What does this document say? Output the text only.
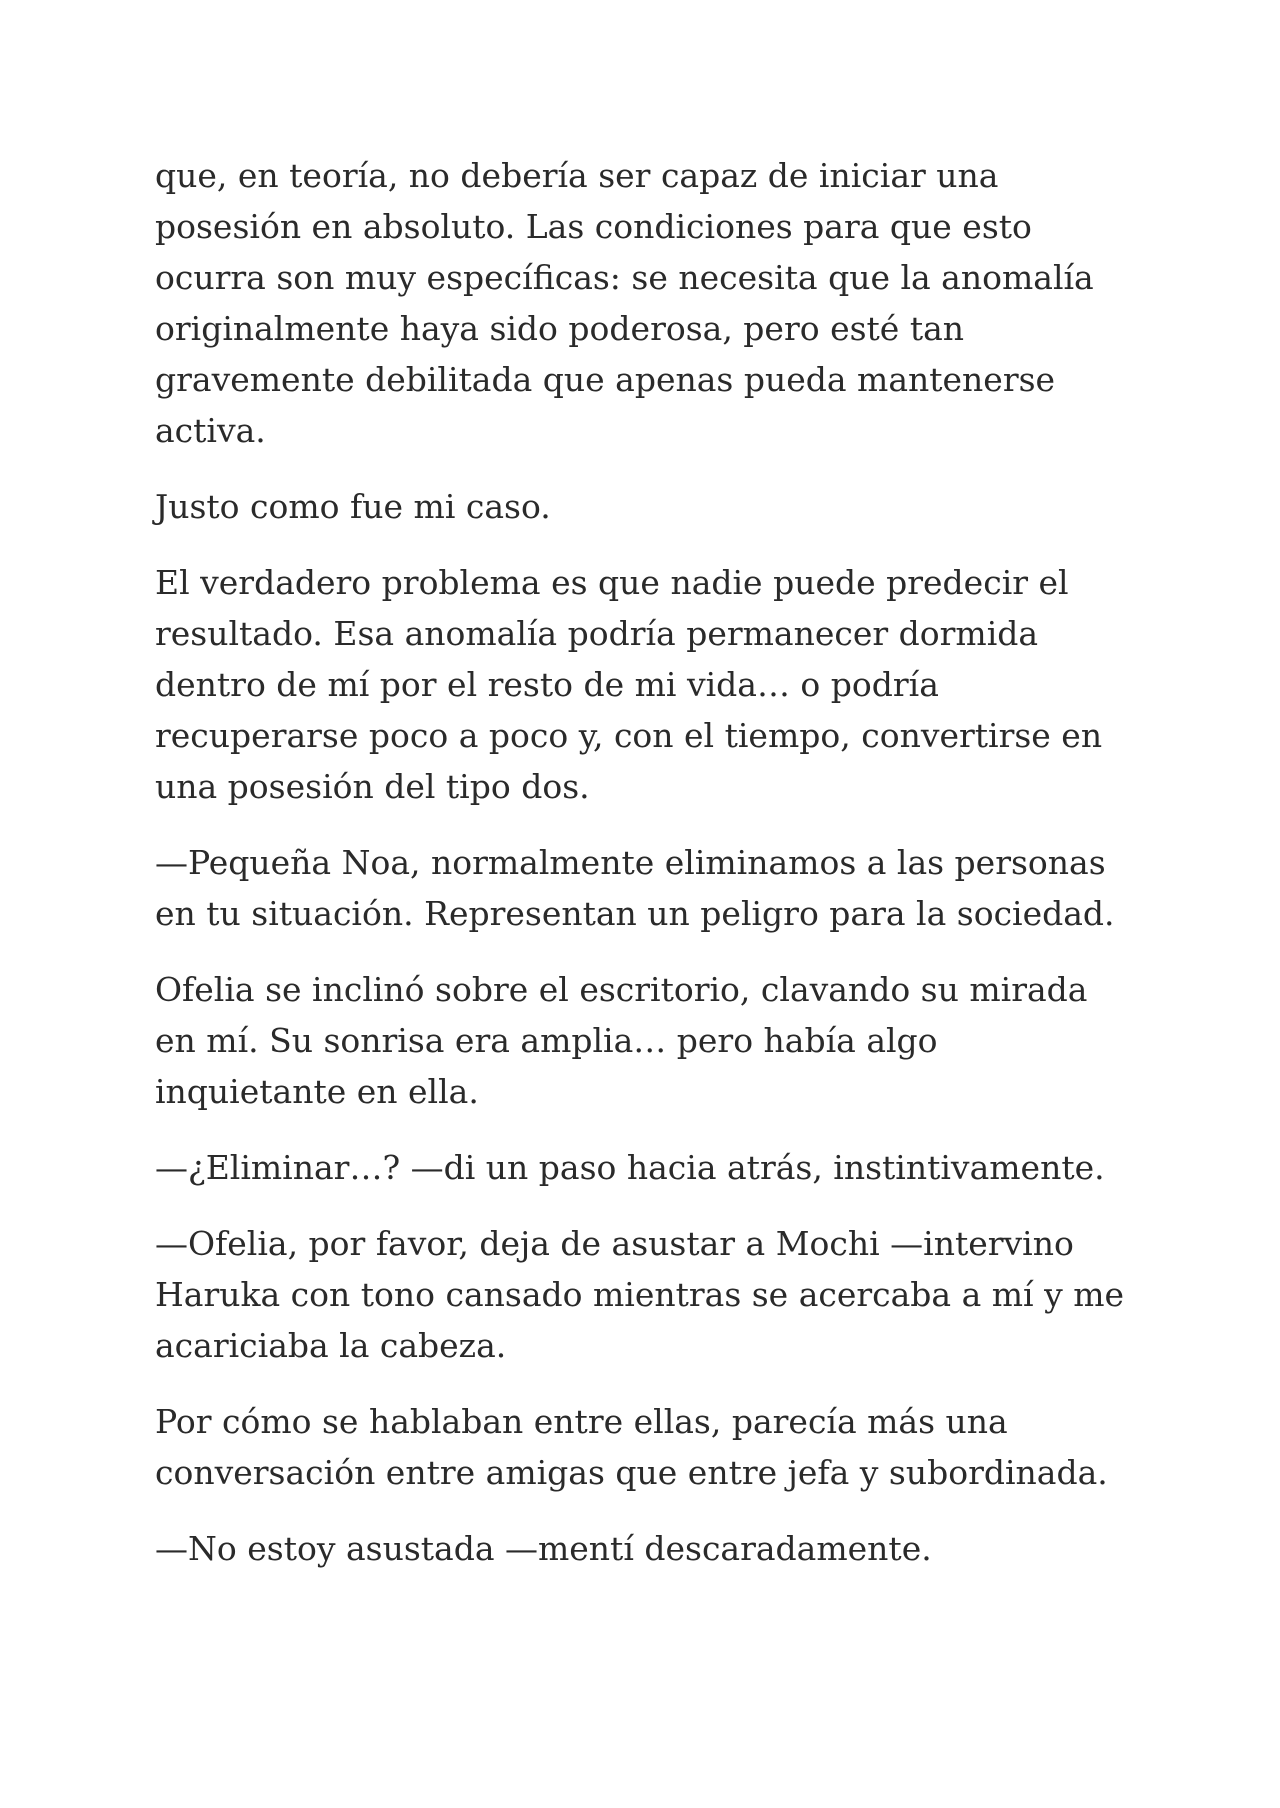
que, en teoría, no debería ser capaz de iniciar una posesión en absoluto. Las condiciones para que esto ocurra son muy específicas: se necesita que la anomalía originalmente haya sido poderosa, pero esté tan gravemente debilitada que apenas pueda mantenerse activa.

Justo como fue mi caso.

El verdadero problema es que nadie puede predecir el resultado. Esa anomalía podría permanecer dormida dentro de mí por el resto de mi vida… o podría recuperarse poco a poco y, con el tiempo, convertirse en una posesión del tipo dos.

—Pequeña Noa, normalmente eliminamos a las personas en tu situación. Representan un peligro para la sociedad.

Ofelia se inclinó sobre el escritorio, clavando su mirada en mí. Su sonrisa era amplia… pero había algo inquietante en ella.

—¿Eliminar…? —di un paso hacia atrás, instintivamente.

—Ofelia, por favor, deja de asustar a Mochi —intervino Haruka con tono cansado mientras se acercaba a mí y me acariciaba la cabeza.

Por cómo se hablaban entre ellas, parecía más una conversación entre amigas que entre jefa y subordinada.

—No estoy asustada —mentí descaradamente.
